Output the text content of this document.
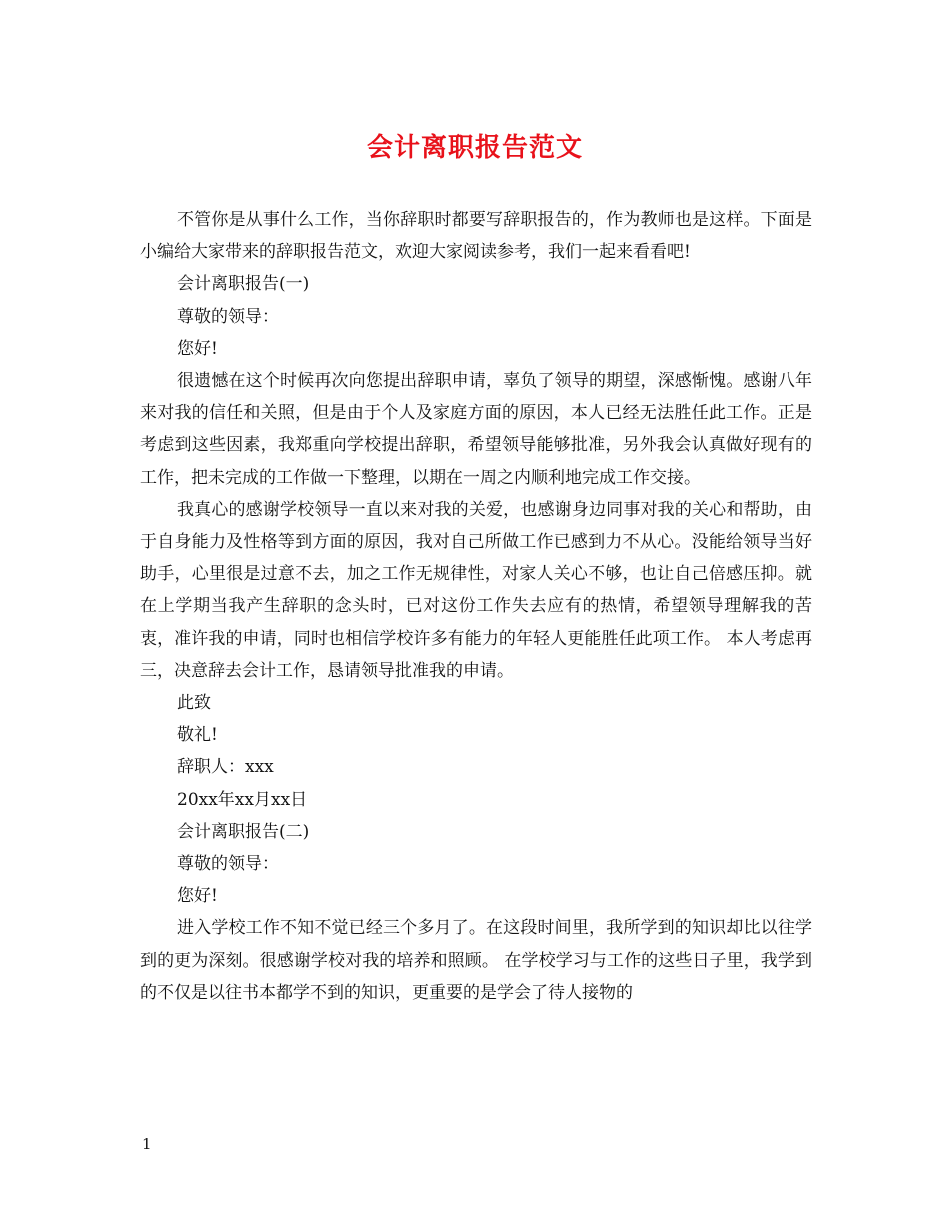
会计离职报告范文

不管你是从事什么工作，当你辞职时都要写辞职报告的，作为教师也是这样。下面是小编给大家带来的辞职报告范文，欢迎大家阅读参考，我们一起来看看吧!

会计离职报告(一)

尊敬的领导：

您好!

很遗憾在这个时候再次向您提出辞职申请，辜负了领导的期望，深感惭愧。感谢八年来对我的信任和关照，但是由于个人及家庭方面的原因，本人已经无法胜任此工作。正是考虑到这些因素，我郑重向学校提出辞职，希望领导能够批准，另外我会认真做好现有的工作，把未完成的工作做一下整理，以期在一周之内顺利地完成工作交接。

我真心的感谢学校领导一直以来对我的关爱，也感谢身边同事对我的关心和帮助，由于自身能力及性格等到方面的原因，我对自己所做工作已感到力不从心。没能给领导当好助手，心里很是过意不去，加之工作无规律性，对家人关心不够，也让自己倍感压抑。就在上学期当我产生辞职的念头时，已对这份工作失去应有的热情，希望领导理解我的苦衷，准许我的申请，同时也相信学校许多有能力的年轻人更能胜任此项工作。 本人考虑再三，决意辞去会计工作，恳请领导批准我的申请。

此致

敬礼!

辞职人：xxx

20xx年xx月xx日

会计离职报告(二)

尊敬的领导：

您好!

进入学校工作不知不觉已经三个多月了。在这段时间里，我所学到的知识却比以往学到的更为深刻。很感谢学校对我的培养和照顾。 在学校学习与工作的这些日子里，我学到的不仅是以往书本都学不到的知识，更重要的是学会了待人接物的

1
